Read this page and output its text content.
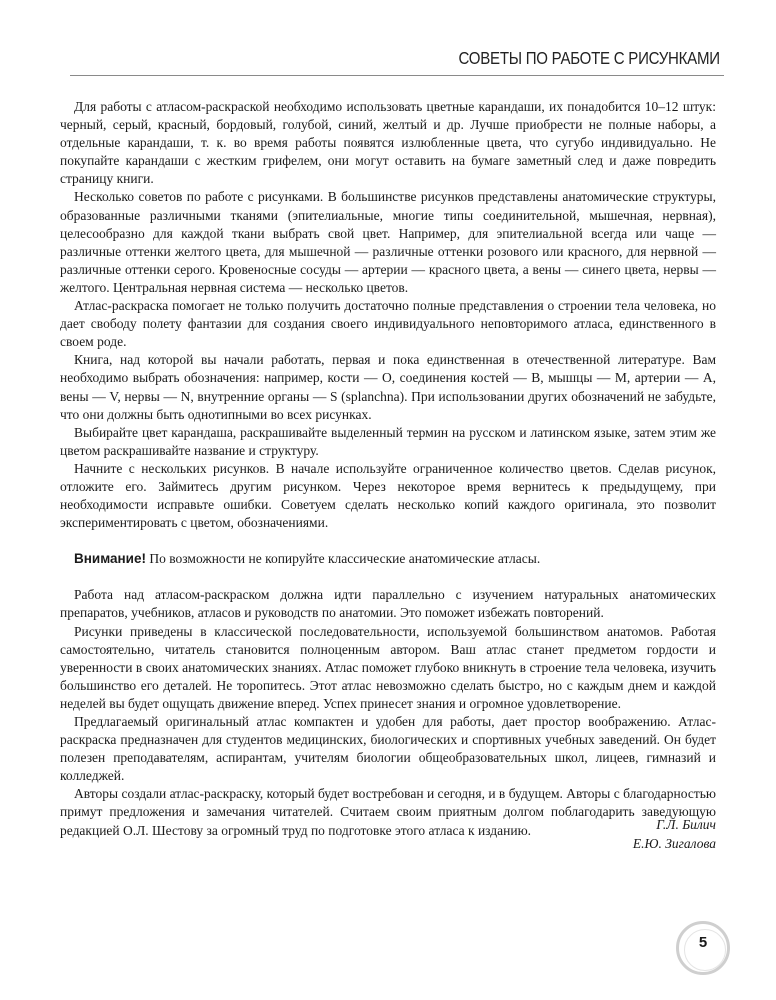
СОВЕТЫ ПО РАБОТЕ С РИСУНКАМИ

Для работы с атласом-раскраской необходимо использовать цветные карандаши, их понадобится 10–12 штук: черный, серый, красный, бордовый, голубой, синий, желтый и др. Лучше приобрести не полные наборы, а отдельные карандаши, т. к. во время работы появятся излюбленные цвета, что сугубо индивидуально. Не покупайте карандаши с жестким грифелем, они могут оставить на бумаге заметный след и даже повредить страницу книги.

Несколько советов по работе с рисунками. В большинстве рисунков представлены анатомические структуры, образованные различными тканями (эпителиальные, многие типы соединительной, мышечная, нервная), целесообразно для каждой ткани выбрать свой цвет. Например, для эпителиальной всегда или чаще — различные оттенки желтого цвета, для мышечной — различные оттенки розового или красного, для нервной — различные оттенки серого. Кровеносные сосуды — артерии — красного цвета, а вены — синего цвета, нервы — желтого. Центральная нервная система — несколько цветов.

Атлас-раскраска помогает не только получить достаточно полные представления о строении тела человека, но дает свободу полету фантазии для создания своего индивидуального неповторимого атласа, единственного в своем роде.

Книга, над которой вы начали работать, первая и пока единственная в отечественной литературе. Вам необходимо выбрать обозначения: например, кости — O, соединения костей — B, мышцы — M, артерии — A, вены — V, нервы — N, внутренние органы — S (splanchna). При использовании других обозначений не забудьте, что они должны быть однотипными во всех рисунках.

Выбирайте цвет карандаша, раскрашивайте выделенный термин на русском и латинском языке, затем этим же цветом раскрашивайте название и структуру.

Начните с нескольких рисунков. В начале используйте ограниченное количество цветов. Сделав рисунок, отложите его. Займитесь другим рисунком. Через некоторое время вернитесь к предыдущему, при необходимости исправьте ошибки. Советуем сделать несколько копий каждого оригинала, это позволит экспериментировать с цветом, обозначениями.

Внимание! По возможности не копируйте классические анатомические атласы.

Работа над атласом-раскраском должна идти параллельно с изучением натуральных анатомических препаратов, учебников, атласов и руководств по анатомии. Это поможет избежать повторений.

Рисунки приведены в классической последовательности, используемой большинством анатомов. Работая самостоятельно, читатель становится полноценным автором. Ваш атлас станет предметом гордости и уверенности в своих анатомических знаниях. Атлас поможет глубоко вникнуть в строение тела человека, изучить большинство его деталей. Не торопитесь. Этот атлас невозможно сделать быстро, но с каждым днем и каждой неделей вы будет ощущать движение вперед. Успех принесет знания и огромное удовлетворение.

Предлагаемый оригинальный атлас компактен и удобен для работы, дает простор воображению. Атлас-раскраска предназначен для студентов медицинских, биологических и спортивных учебных заведений. Он будет полезен преподавателям, аспирантам, учителям биологии общеобразовательных школ, лицеев, гимназий и колледжей.

Авторы создали атлас-раскраску, который будет востребован и сегодня, и в будущем. Авторы с благодарностью примут предложения и замечания читателей. Считаем своим приятным долгом поблагодарить заведующую редакцией О.Л. Шестову за огромный труд по подготовке этого атласа к изданию.	Г.Л. Билич
Е.Ю. Зигалова
5
